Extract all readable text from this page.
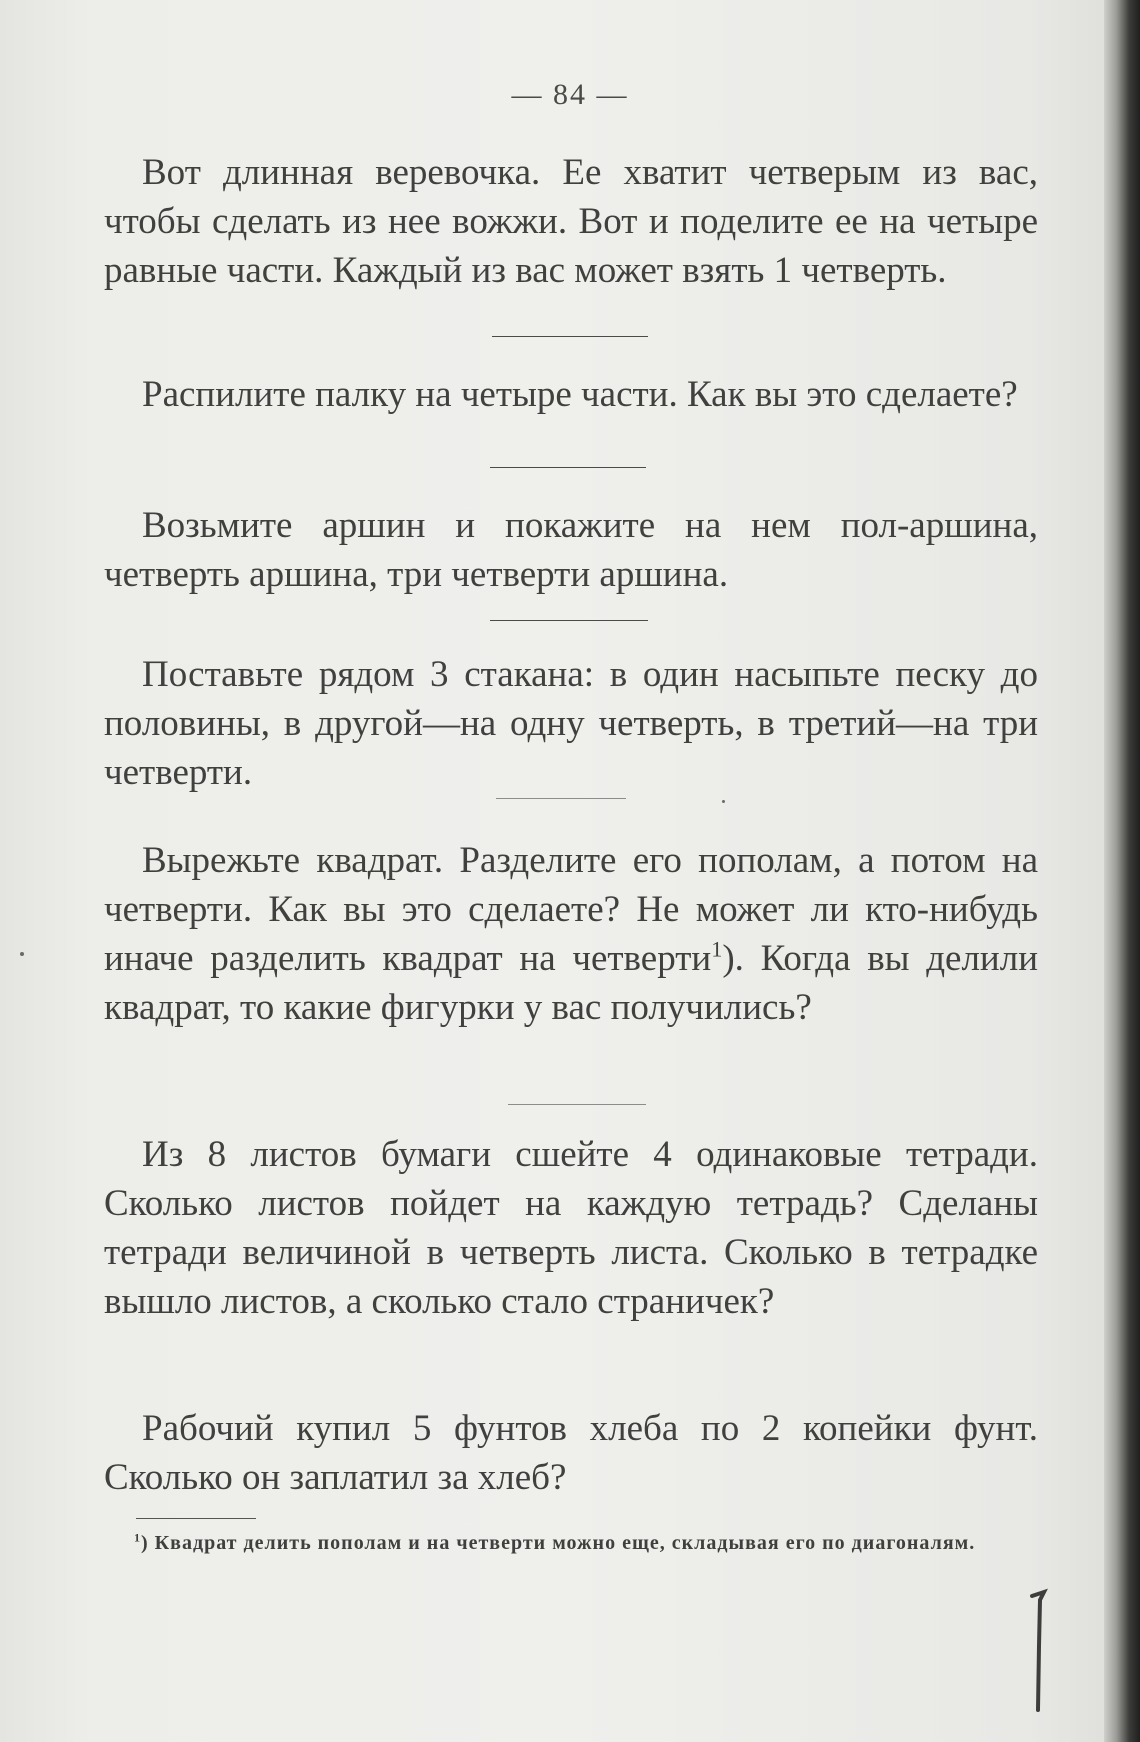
— 84 —
Вот длинная веревочка. Ее хватит четверым из вас, чтобы сделать из нее вожжи. Вот и поделите ее на четыре равные части. Каждый из вас может взять 1 четверть.
Распилите палку на четыре части. Как вы это сделаете?
Возьмите аршин и покажите на нем пол-аршина, четверть аршина, три четверти аршина.
Поставьте рядом 3 стакана: в один насыпьте песку до половины, в другой—на одну четверть, в третий—на три четверти.
Вырежьте квадрат. Разделите его пополам, а потом на четверти. Как вы это сделаете? Не может ли кто-нибудь иначе разделить квадрат на четверти$^1$). Когда вы делили квадрат, то какие фигурки у вас получились?
Из 8 листов бумаги сшейте 4 одинаковые тетради. Сколько листов пойдет на каждую тетрадь? Сделаны тетради величиной в четверть листа. Сколько в тетрадке вышло листов, а сколько стало страничек?
Рабочий купил 5 фунтов хлеба по 2 копейки фунт. Сколько он заплатил за хлеб?
$^1$) Квадрат делить пополам и на четверти можно еще, складывая его по диагоналям.
